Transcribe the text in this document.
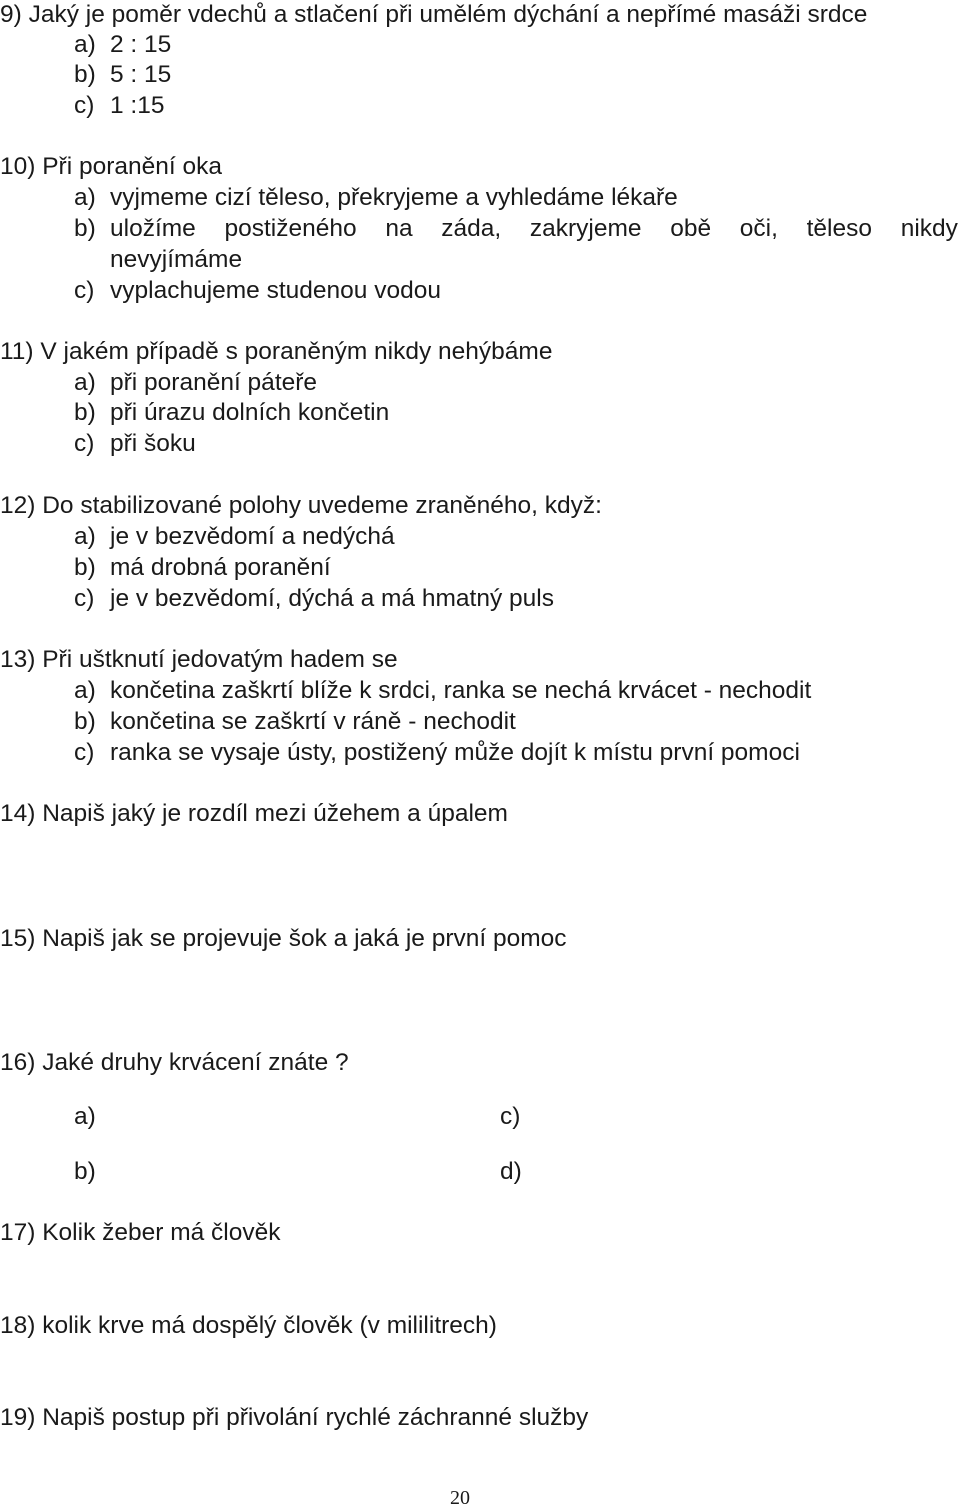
9) Jaký je poměr vdechů a stlačení při umělém dýchání a nepřímé masáži srdce
a) 2 : 15
b) 5 : 15
c) 1 :15
10) Při poranění oka
a) vyjmeme cizí těleso, překryjeme a vyhledáme lékaře
b) uložíme postiženého na záda, zakryjeme obě oči, těleso nikdy
nevyjímáme
c) vyplachujeme studenou vodou
11) V jakém případě s poraněným nikdy nehýbáme
a) při poranění páteře
b) při úrazu dolních končetin
c) při šoku
12) Do stabilizované polohy uvedeme zraněného, když:
a) je v bezvědomí a nedýchá
b) má drobná poranění
c) je v bezvědomí, dýchá a má hmatný puls
13) Při uštknutí jedovatým hadem se
a) končetina zaškrtí blíže k srdci, ranka se nechá krvácet - nechodit
b) končetina se zaškrtí v ráně - nechodit
c) ranka se vysaje ústy, postižený může dojít k místu první pomoci
14) Napiš jaký je rozdíl mezi úžehem a úpalem
15) Napiš jak se projevuje šok a jaká je první pomoc
16) Jaké druhy krvácení znáte ?
a)	c)
b)	d)
17) Kolik žeber má člověk
18) kolik krve má dospělý člověk (v mililitrech)
19) Napiš postup při přivolání rychlé záchranné služby
20
